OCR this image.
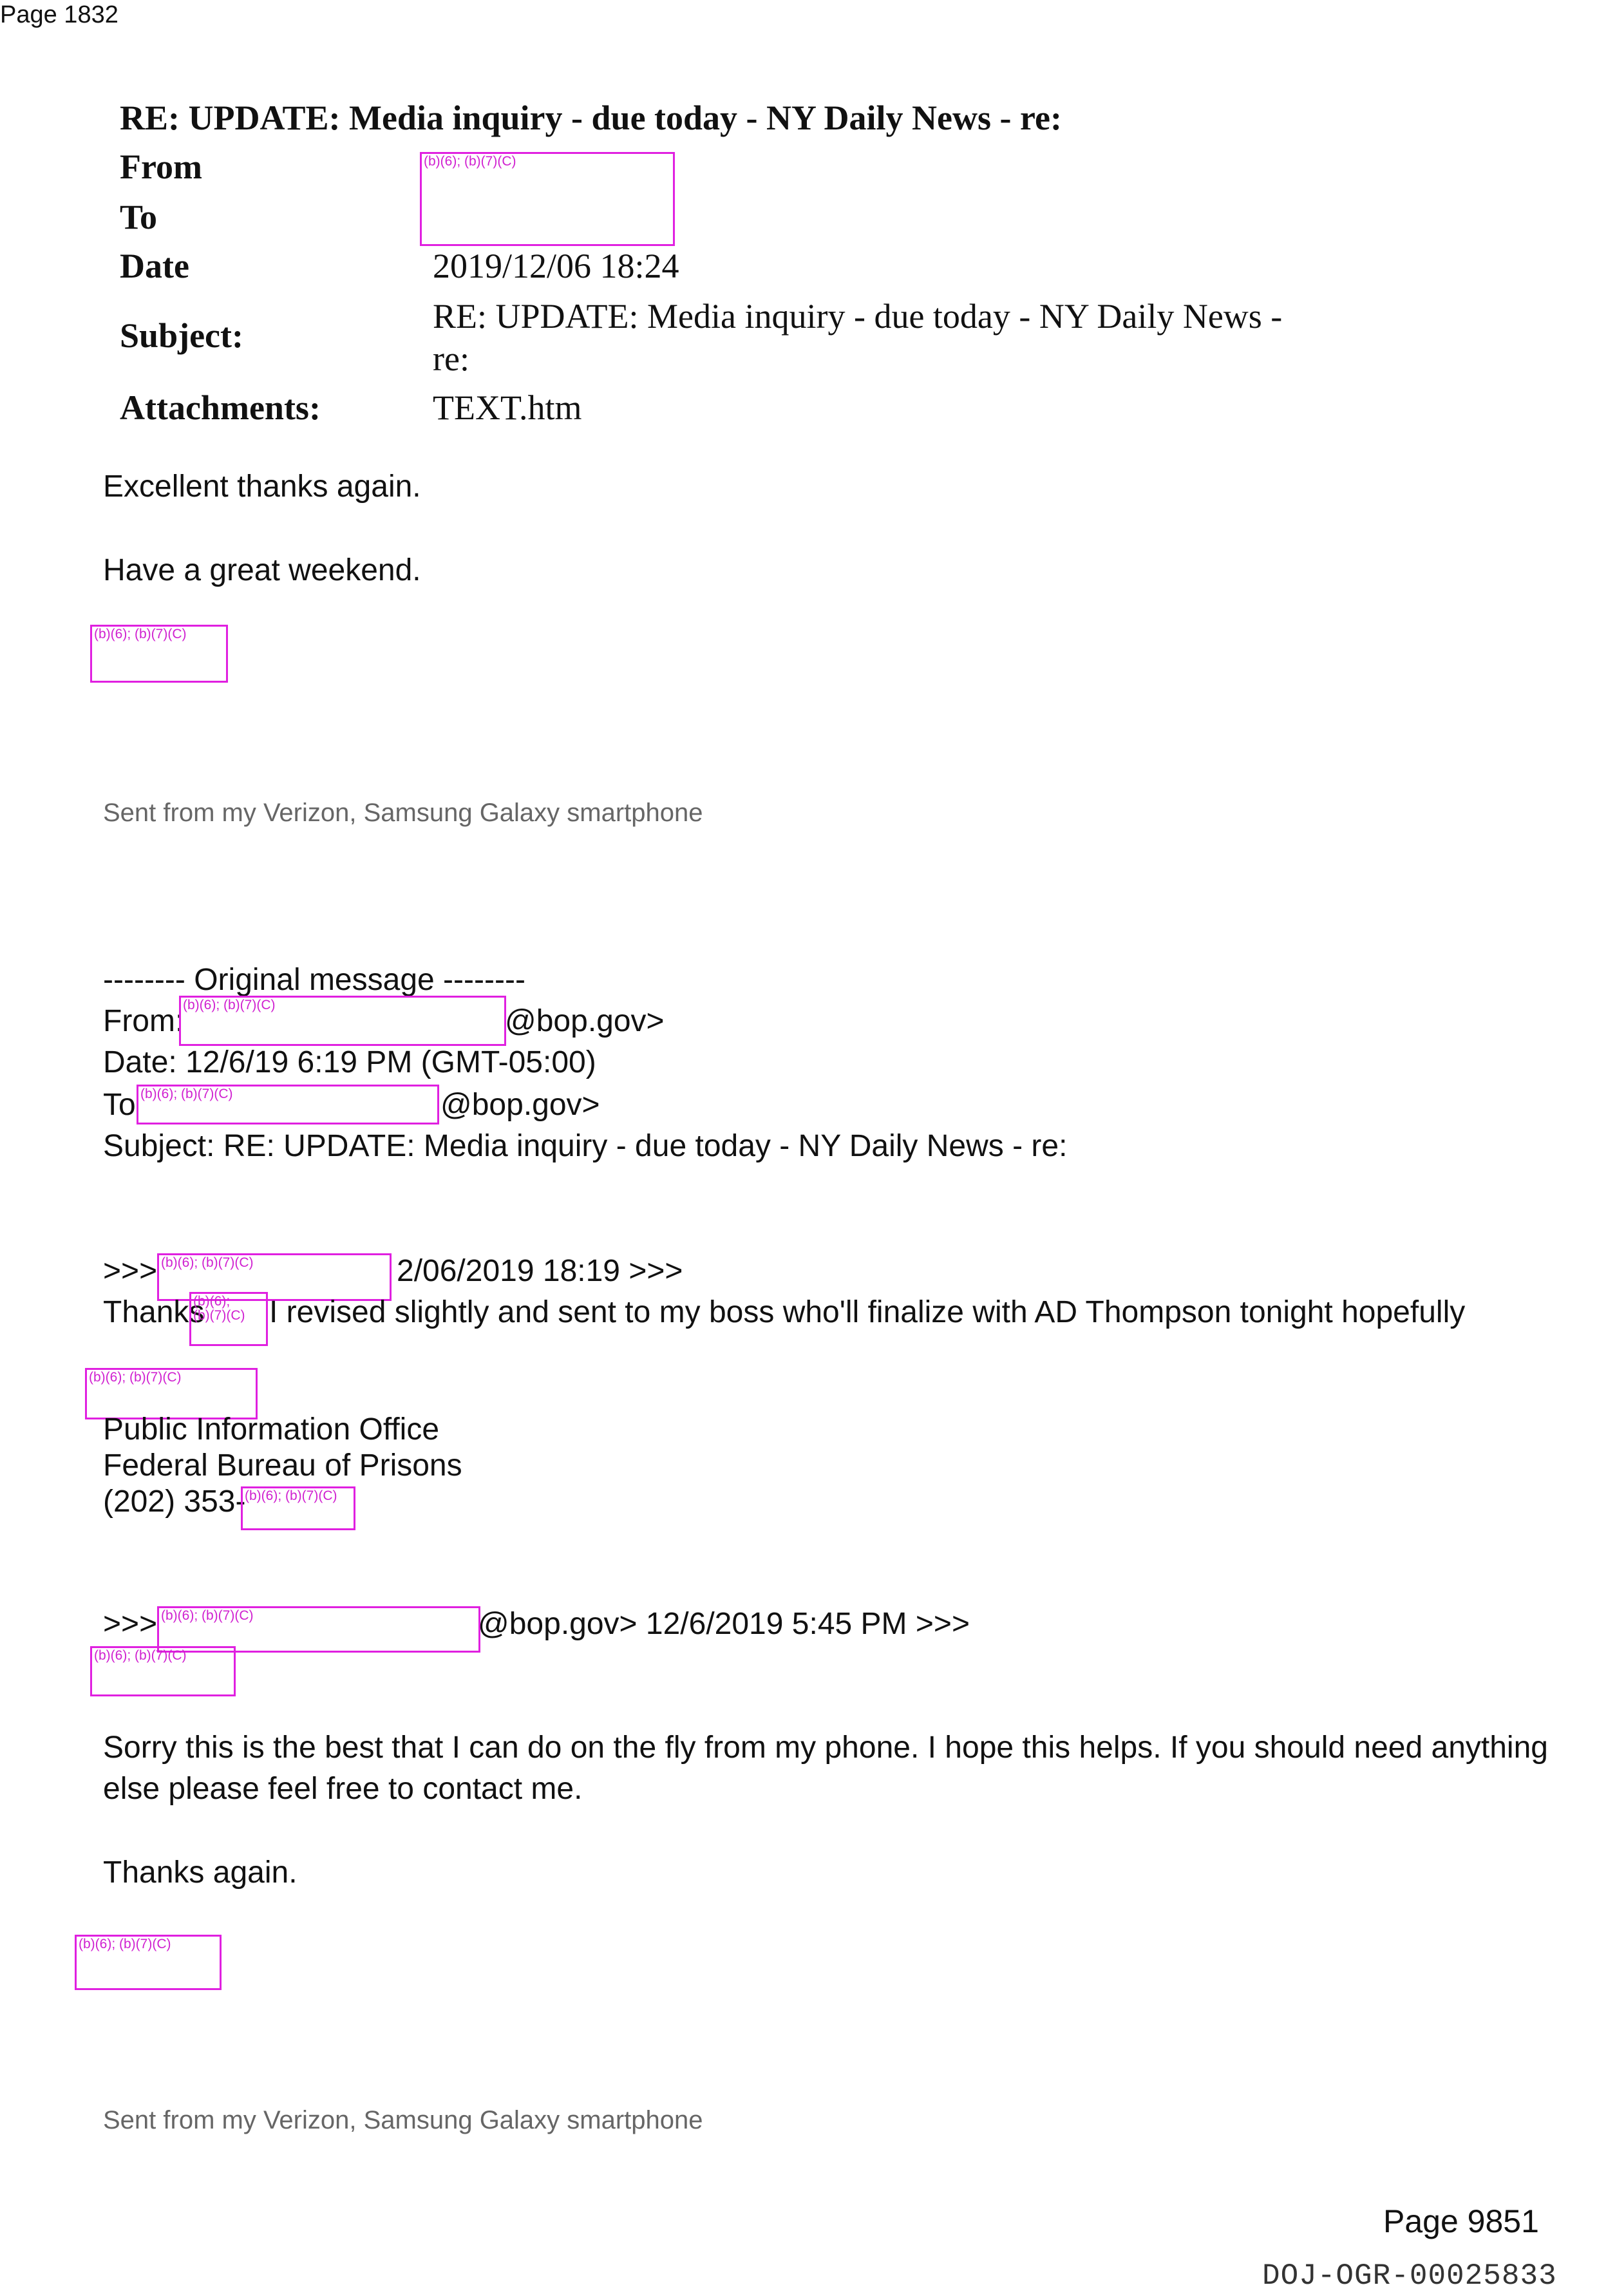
Page 1832
RE: UPDATE: Media inquiry - due today - NY Daily News - re:
From
To
Date	2019/12/06 18:24
Subject:	RE: UPDATE: Media inquiry - due today - NY Daily News -
re:
Attachments:	TEXT.htm
(b)(6); (b)(7)(C)
Excellent thanks again.
Have a great weekend.
(b)(6); (b)(7)(C)
Sent from my Verizon, Samsung Galaxy smartphone
-------- Original message --------
From:
(b)(6); (b)(7)(C)	@bop.gov>
Date: 12/6/19 6:19 PM (GMT-05:00)
To (b)(6); (b)(7)(C)	@bop.gov>
Subject: RE: UPDATE: Media inquiry - due today - NY Daily News - re:
>>> (b)(6); (b)(7)(C)	2/06/2019 18:19 >>>
Thanks
(b)(6);
(b)(7)(C) I revised slightly and sent to my boss who'll finalize with AD Thompson tonight hopefully
(b)(6); (b)(7)(C)
Public Information Office
Federal Bureau of Prisons
(202) 353-
(b)(6); (b)(7)(C)
>>> (b)(6); (b)(7)(C)	@bop.gov> 12/6/2019 5:45 PM >>>
(b)(6); (b)(7)(C)
Sorry this is the best that I can do on the fly from my phone. I hope this helps. If you should need anything
else please feel free to contact me.
Thanks again.
(b)(6); (b)(7)(C)
Sent from my Verizon, Samsung Galaxy smartphone
Page 9851
DOJ-OGR-00025833
